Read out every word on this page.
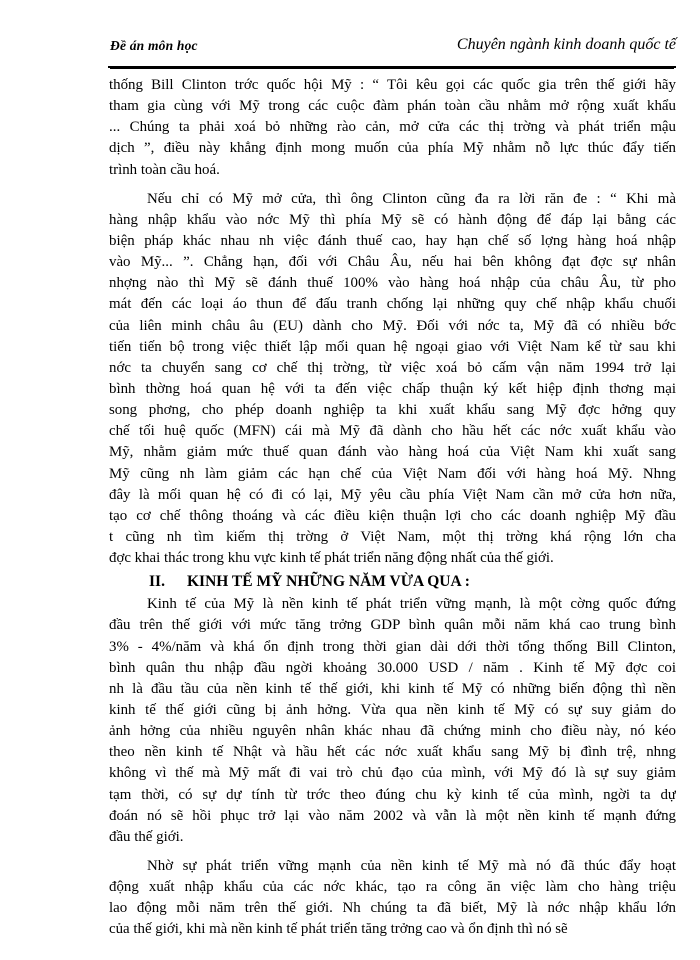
Đề án môn học	Chuyên ngành kinh doanh quốc tế
thống Bill Clinton trớc quốc hội Mỹ : “ Tôi kêu gọi các quốc gia trên thế giới hãy
tham gia cùng với Mỹ trong các cuộc đàm phán toàn cầu nhằm mở rộng xuất khẩu
... Chúng ta phải xoá bỏ những rào cản, mở cửa các thị trờng và phát triển mậu
dịch ”, điều này khẳng định mong muốn của phía Mỹ nhằm nỗ lực thúc đẩy tiến
trình toàn cầu hoá.
Nếu chỉ có Mỹ mở cửa, thì ông Clinton cũng đa ra lời răn đe : “ Khi mà
hàng nhập khẩu vào nớc Mỹ thì phía Mỹ sẽ có hành động để đáp lại bằng các
biện pháp khác nhau nh việc đánh thuế cao, hay hạn chế số lợng hàng hoá nhập
vào Mỹ... ”. Chẳng hạn, đối với Châu Âu, nếu hai bên không đạt đợc sự nhân
nhợng nào thì Mỹ sẽ đánh thuế 100% vào hàng hoá nhập của châu Âu, từ pho
mát đến các loại áo thun để đấu tranh chống lại những quy chế nhập khẩu chuối
của liên minh châu âu (EU) dành cho Mỹ. Đối với nớc ta, Mỹ đã có nhiều bớc
tiến tiến bộ trong việc thiết lập mối quan hệ ngoại giao với Việt Nam kể từ sau khi
nớc ta chuyển sang cơ chế thị trờng, từ việc xoá bỏ cấm vận năm 1994 trở lại
bình thờng hoá quan hệ với ta đến việc chấp thuận ký kết hiệp định thơng mại
song phơng, cho phép doanh nghiệp ta khi xuất khẩu sang Mỹ đợc hởng quy
chế tối huệ quốc (MFN) cái mà Mỹ đã dành cho hầu hết các nớc xuất khẩu vào
Mỹ, nhằm giảm mức thuế quan đánh vào hàng hoá của Việt Nam khi xuất sang
Mỹ cũng nh làm giảm các hạn chế của Việt Nam đối với hàng hoá Mỹ. Nhng
đây là mối quan hệ có đi có lại, Mỹ yêu cầu phía Việt Nam cần mở cửa hơn nữa,
tạo cơ chế thông thoáng và các điều kiện thuận lợi cho các doanh nghiệp Mỹ đầu
t cũng nh tìm kiếm thị trờng ở Việt Nam, một thị trờng khá rộng lớn cha
đợc khai thác trong khu vực kinh tế phát triển năng động nhất của thế giới.
II. KINH TẾ MỸ NHỮNG NĂM VỪA QUA :
Kinh tế của Mỹ là nền kinh tế phát triển vững mạnh, là một cờng quốc đứng
đầu trên thế giới với mức tăng trởng GDP bình quân mỗi năm khá cao trung bình
3% - 4%/năm và khá ổn định trong thời gian dài dới thời tổng thống Bill Clinton,
bình quân thu nhập đầu ngời khoảng 30.000 USD / năm . Kinh tế Mỹ đợc coi
nh là đầu tầu của nền kinh tế thế giới, khi kinh tế Mỹ có những biến động thì nền
kinh tế thế giới cũng bị ảnh hởng. Vừa qua nền kinh tế Mỹ có sự suy giảm do
ảnh hởng của nhiều nguyên nhân khác nhau đã chứng minh cho điều này, nó kéo
theo nền kinh tế Nhật và hầu hết các nớc xuất khẩu sang Mỹ bị đình trệ, nhng
không vì thế mà Mỹ mất đi vai trò chủ đạo của mình, với Mỹ đó là sự suy giảm
tạm thời, có sự dự tính từ trớc theo đúng chu kỳ kinh tế của mình, ngời ta dự
đoán nó sẽ hồi phục trở lại vào năm 2002 và vẫn là một nền kinh tế mạnh đứng
đầu thế giới.
Nhờ sự phát triển vững mạnh của nền kinh tế Mỹ mà nó đã thúc đẩy hoạt
động xuất nhập khẩu của các nớc khác, tạo ra công ăn việc làm cho hàng triệu
lao động mỗi năm trên thế giới. Nh chúng ta đã biết, Mỹ là nớc nhập khẩu lớn
của thế giới, khi mà nền kinh tế phát triển tăng trởng cao và ổn định thì nó sẽ
